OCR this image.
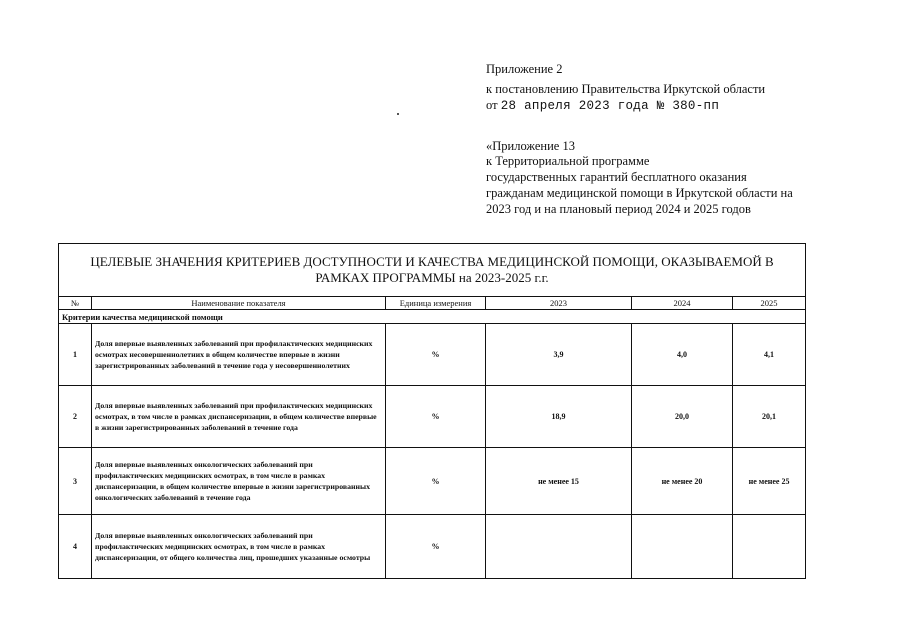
Приложение 2
к постановлению Правительства Иркутской области
от 28 апреля 2023 года № 380-пп
«Приложение 13
к Территориальной программе
государственных гарантий бесплатного оказания
гражданам медицинской помощи в Иркутской области на
2023 год и на плановый период 2024 и 2025 годов
ЦЕЛЕВЫЕ ЗНАЧЕНИЯ КРИТЕРИЕВ ДОСТУПНОСТИ И КАЧЕСТВА МЕДИЦИНСКОЙ ПОМОЩИ, ОКАЗЫВАЕМОЙ В РАМКАХ ПРОГРАММЫ на 2023-2025 г.г.					
№	Наименование показателя	Единица измерения	2023	2024	2025
Критерии качества медицинской помощи					
1	Доля впервые выявленных заболеваний при профилактических медицинских осмотрах несовершеннолетних в общем количестве впервые в жизни зарегистрированных заболеваний в течение года у несовершеннолетних	%	3,9	4,0	4,1
2	Доля впервые выявленных заболеваний при профилактических медицинских осмотрах, в том числе в рамках диспансеризации, в общем количестве впервые в жизни зарегистрированных заболеваний в течение года	%	18,9	20,0	20,1
3	Доля впервые выявленных онкологических заболеваний при профилактических медицинских осмотрах, в том числе в рамках диспансеризации, в общем количестве впервые в жизни зарегистрированных онкологических заболеваний в течение года	%	не менее 15	не менее 20	не менее 25
4	Доля впервые выявленных онкологических заболеваний при профилактических медицинских осмотрах, в том числе в рамках диспансеризации, от общего количества лиц, прошедших указанные осмотры	%			
